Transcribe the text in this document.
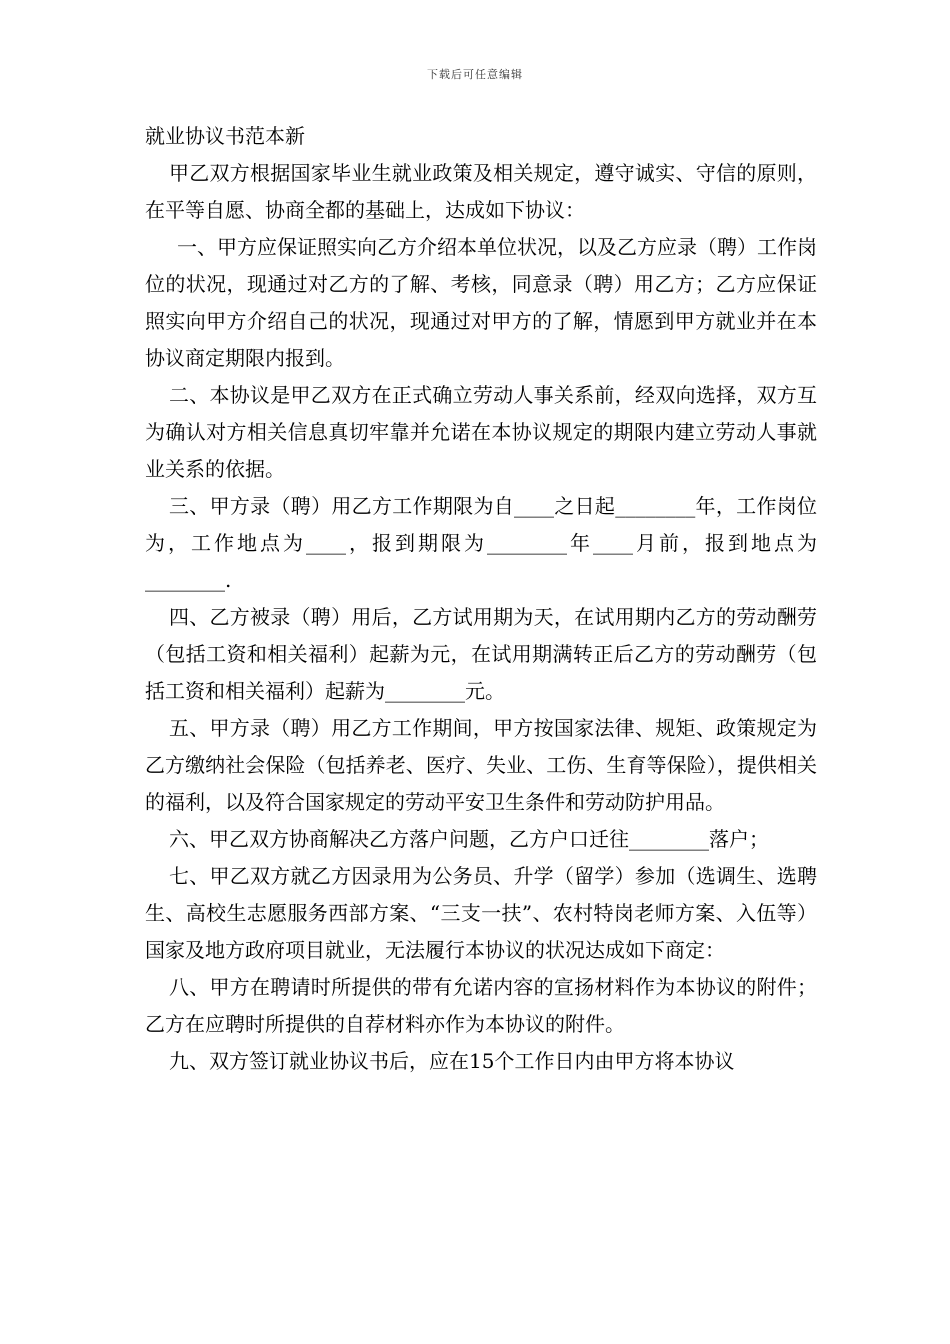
下载后可任意编辑

就业协议书范本新

甲乙双方根据国家毕业生就业政策及相关规定，遵守诚实、守信的原则，在平等自愿、协商全都的基础上，达成如下协议：

一、甲方应保证照实向乙方介绍本单位状况，以及乙方应录（聘）工作岗位的状况，现通过对乙方的了解、考核，同意录（聘）用乙方；乙方应保证照实向甲方介绍自己的状况，现通过对甲方的了解，情愿到甲方就业并在本协议商定期限内报到。

二、本协议是甲乙双方在正式确立劳动人事关系前，经双向选择，双方互为确认对方相关信息真切牢靠并允诺在本协议规定的期限内建立劳动人事就业关系的依据。

三、甲方录（聘）用乙方工作期限为自____之日起________年，工作岗位为，工作地点为____，报到期限为________年____月前，报到地点为________.

四、乙方被录（聘）用后，乙方试用期为天，在试用期内乙方的劳动酬劳（包括工资和相关福利）起薪为元，在试用期满转正后乙方的劳动酬劳（包括工资和相关福利）起薪为________元。

五、甲方录（聘）用乙方工作期间，甲方按国家法律、规矩、政策规定为乙方缴纳社会保险（包括养老、医疗、失业、工伤、生育等保险），提供相关的福利，以及符合国家规定的劳动平安卫生条件和劳动防护用品。

六、甲乙双方协商解决乙方落户问题，乙方户口迁往________落户；

七、甲乙双方就乙方因录用为公务员、升学（留学）参加（选调生、选聘生、高校生志愿服务西部方案、“三支一扶”、农村特岗老师方案、入伍等）国家及地方政府项目就业，无法履行本协议的状况达成如下商定：

八、甲方在聘请时所提供的带有允诺内容的宣扬材料作为本协议的附件；乙方在应聘时所提供的自荐材料亦作为本协议的附件。

九、双方签订就业协议书后，应在15个工作日内由甲方将本协议
